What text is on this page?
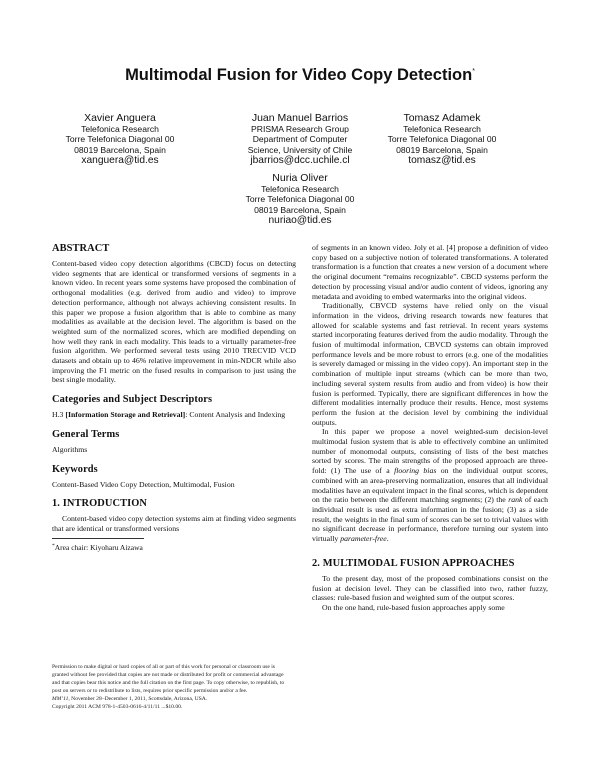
Multimodal Fusion for Video Copy Detection*
Xavier Anguera
Telefonica Research
Torre Telefonica Diagonal 00
08019 Barcelona, Spain
xanguera@tid.es
Juan Manuel Barrios
PRISMA Research Group
Department of Computer
Science, University of Chile
jbarrios@dcc.uchile.cl
Tomasz Adamek
Telefonica Research
Torre Telefonica Diagonal 00
08019 Barcelona, Spain
tomasz@tid.es
Nuria Oliver
Telefonica Research
Torre Telefonica Diagonal 00
08019 Barcelona, Spain
nuriao@tid.es
ABSTRACT

Content-based video copy detection algorithms (CBCD) focus on detecting video segments that are identical or transformed versions of segments in a known video. In recent years some systems have proposed the combination of orthogonal modalities (e.g. derived from audio and video) to improve detection performance, although not always achieving consistent results. In this paper we propose a fusion algorithm that is able to combine as many modalities as available at the decision level. The algorithm is based on the weighted sum of the normalized scores, which are modified depending on how well they rank in each modality. This leads to a virtually parameter-free fusion algorithm. We performed several tests using 2010 TRECVID VCD datasets and obtain up to 46% relative improvement in min-NDCR while also improving the F1 metric on the fused results in comparison to just using the best single modality.

Categories and Subject Descriptors

H.3 [Information Storage and Retrieval]: Content Analysis and Indexing

General Terms

Algorithms

Keywords

Content-Based Video Copy Detection, Multimodal, Fusion

1. INTRODUCTION

Content-based video copy detection systems aim at finding video segments that are identical or transformed versions

*Area chair: Kiyoharu Aizawa

Permission to make digital or hard copies of all or part of this work for personal or classroom use is granted without fee provided that copies are not made or distributed for profit or commercial advantage and that copies bear this notice and the full citation on the first page. To copy otherwise, to republish, to post on servers or to redistribute to lists, requires prior specific permission and/or a fee.

MM’11, November 28–December 1, 2011, Scottsdale, Arizona, USA.

Copyright 2011 ACM 978-1-4503-0616-4/11/11 ...$10.00.

of segments in an known video. Joly et al. [4] propose a definition of video copy based on a subjective notion of tolerated transformations. A tolerated transformation is a function that creates a new version of a document where the original document “remains recognizable”. CBCD systems perform the detection by processing visual and/or audio content of videos, ignoring any metadata and avoiding to embed watermarks into the original videos.

Traditionally, CBVCD systems have relied only on the visual information in the videos, driving research towards new features that allowed for scalable systems and fast retrieval. In recent years systems started incorporating features derived from the audio modality. Through the fusion of multimodal information, CBVCD systems can obtain improved performance levels and be more robust to errors (e.g. one of the modalities is severely damaged or missing in the video copy). An important step in the combination of multiple input streams (which can be more than two, including several system results from audio and from video) is how their fusion is performed. Typically, there are significant differences in how the different modalities internally produce their results. Hence, most systems perform the fusion at the decision level by combining the individual outputs.

In this paper we propose a novel weighted-sum decision-level multimodal fusion system that is able to effectively combine an unlimited number of monomodal outputs, consisting of lists of the best matches sorted by scores. The main strengths of the proposed approach are three-fold: (1) The use of a flooring bias on the individual output scores, combined with an area-preserving normalization, ensures that all individual modalities have an equivalent impact in the final scores, which is dependent on the ratio between the different matching segments; (2) the rank of each individual result is used as extra information in the fusion; (3) as a side result, the weights in the final sum of scores can be set to trivial values with no significant decrease in performance, therefore turning our system into virtually parameter-free.

2. MULTIMODAL FUSION APPROACHES

To the present day, most of the proposed combinations consist on the fusion at decision level. They can be classified into two, rather fuzzy, classes: rule-based fusion and weighted sum of the output scores.

On the one hand, rule-based fusion approaches apply some
